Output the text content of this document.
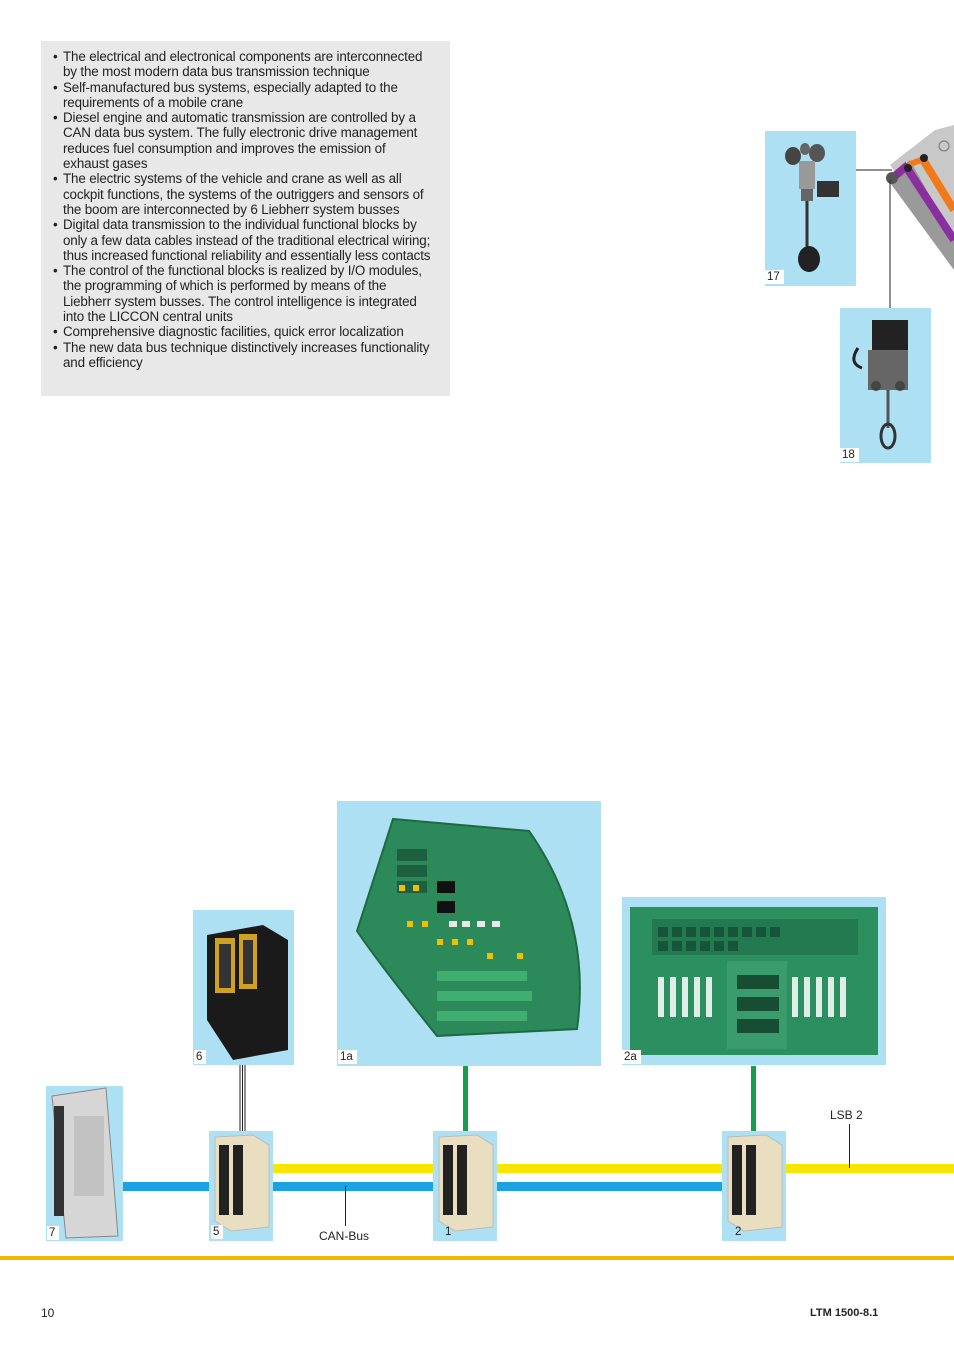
• The electrical and electronical components are interconnected by the most modern data bus transmission technique
• Self-manufactured bus systems, especially adapted to the requirements of a mobile crane
• Diesel engine and automatic transmission are controlled by a CAN data bus system. The fully electronic drive management reduces fuel consumption and improves the emission of exhaust gases
• The electric systems of the vehicle and crane as well as all cockpit functions, the systems of the outriggers and sensors of the boom are interconnected by 6 Liebherr system busses
• Digital data transmission to the individual functional blocks by only a few data cables instead of the traditional electrical wiring; thus increased functional reliability and essentially less contacts
• The control of the functional blocks is realized by I/O modules, the programming of which is performed by means of the Liebherr system busses. The control intelligence is integrated into the LICCON central units
• Comprehensive diagnostic facilities, quick error localization
• The new data bus technique distinctively increases functionality and efficiency
17
18
1a	2a
6
7	5	1	2
CAN-Bus
LSB 2
10	LTM 1500-8.1
